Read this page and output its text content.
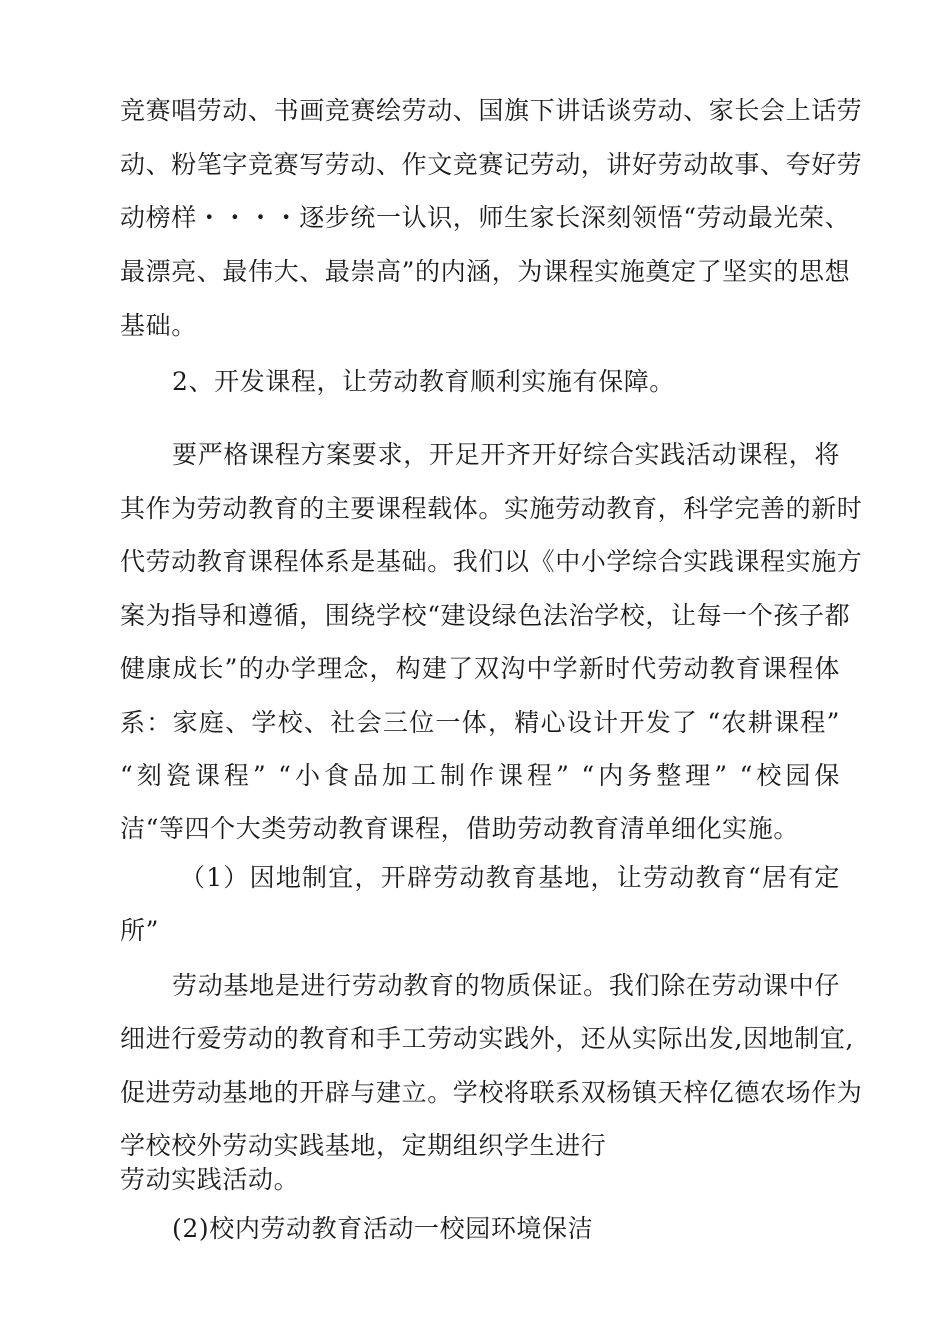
竞赛唱劳动、书画竞赛绘劳动、国旗下讲话谈劳动、家长会上话劳
动、粉笔字竞赛写劳动、作文竞赛记劳动，讲好劳动故事、夸好劳
动榜样・・・・逐步统一认识，师生家长深刻领悟“劳动最光荣、
最漂亮、最伟大、最崇高”的内涵，为课程实施奠定了坚实的思想
基础。
2、开发课程，让劳动教育顺利实施有保障。
要严格课程方案要求，开足开齐开好综合实践活动课程，将
其作为劳动教育的主要课程载体。实施劳动教育，科学完善的新时
代劳动教育课程体系是基础。我们以《中小学综合实践课程实施方
案为指导和遵循，围绕学校“建设绿色法治学校，让每一个孩子都
健康成长”的办学理念，构建了双沟中学新时代劳动教育课程体
系：家庭、学校、社会三位一体，精心设计开发了 “农耕课程”
“刻瓷课程” “小食品加工制作课程” “内务整理” “校园保
洁“等四个大类劳动教育课程，借助劳动教育清单细化实施。
（1）因地制宜，开辟劳动教育基地，让劳动教育“居有定
所”
劳动基地是进行劳动教育的物质保证。我们除在劳动课中仔
细进行爱劳动的教育和手工劳动实践外，还从实际出发,因地制宜,
促进劳动基地的开辟与建立。学校将联系双杨镇天梓亿德农场作为
学校校外劳动实践基地，定期组织学生进行
劳动实践活动。
(2)校内劳动教育活动一校园环境保洁
